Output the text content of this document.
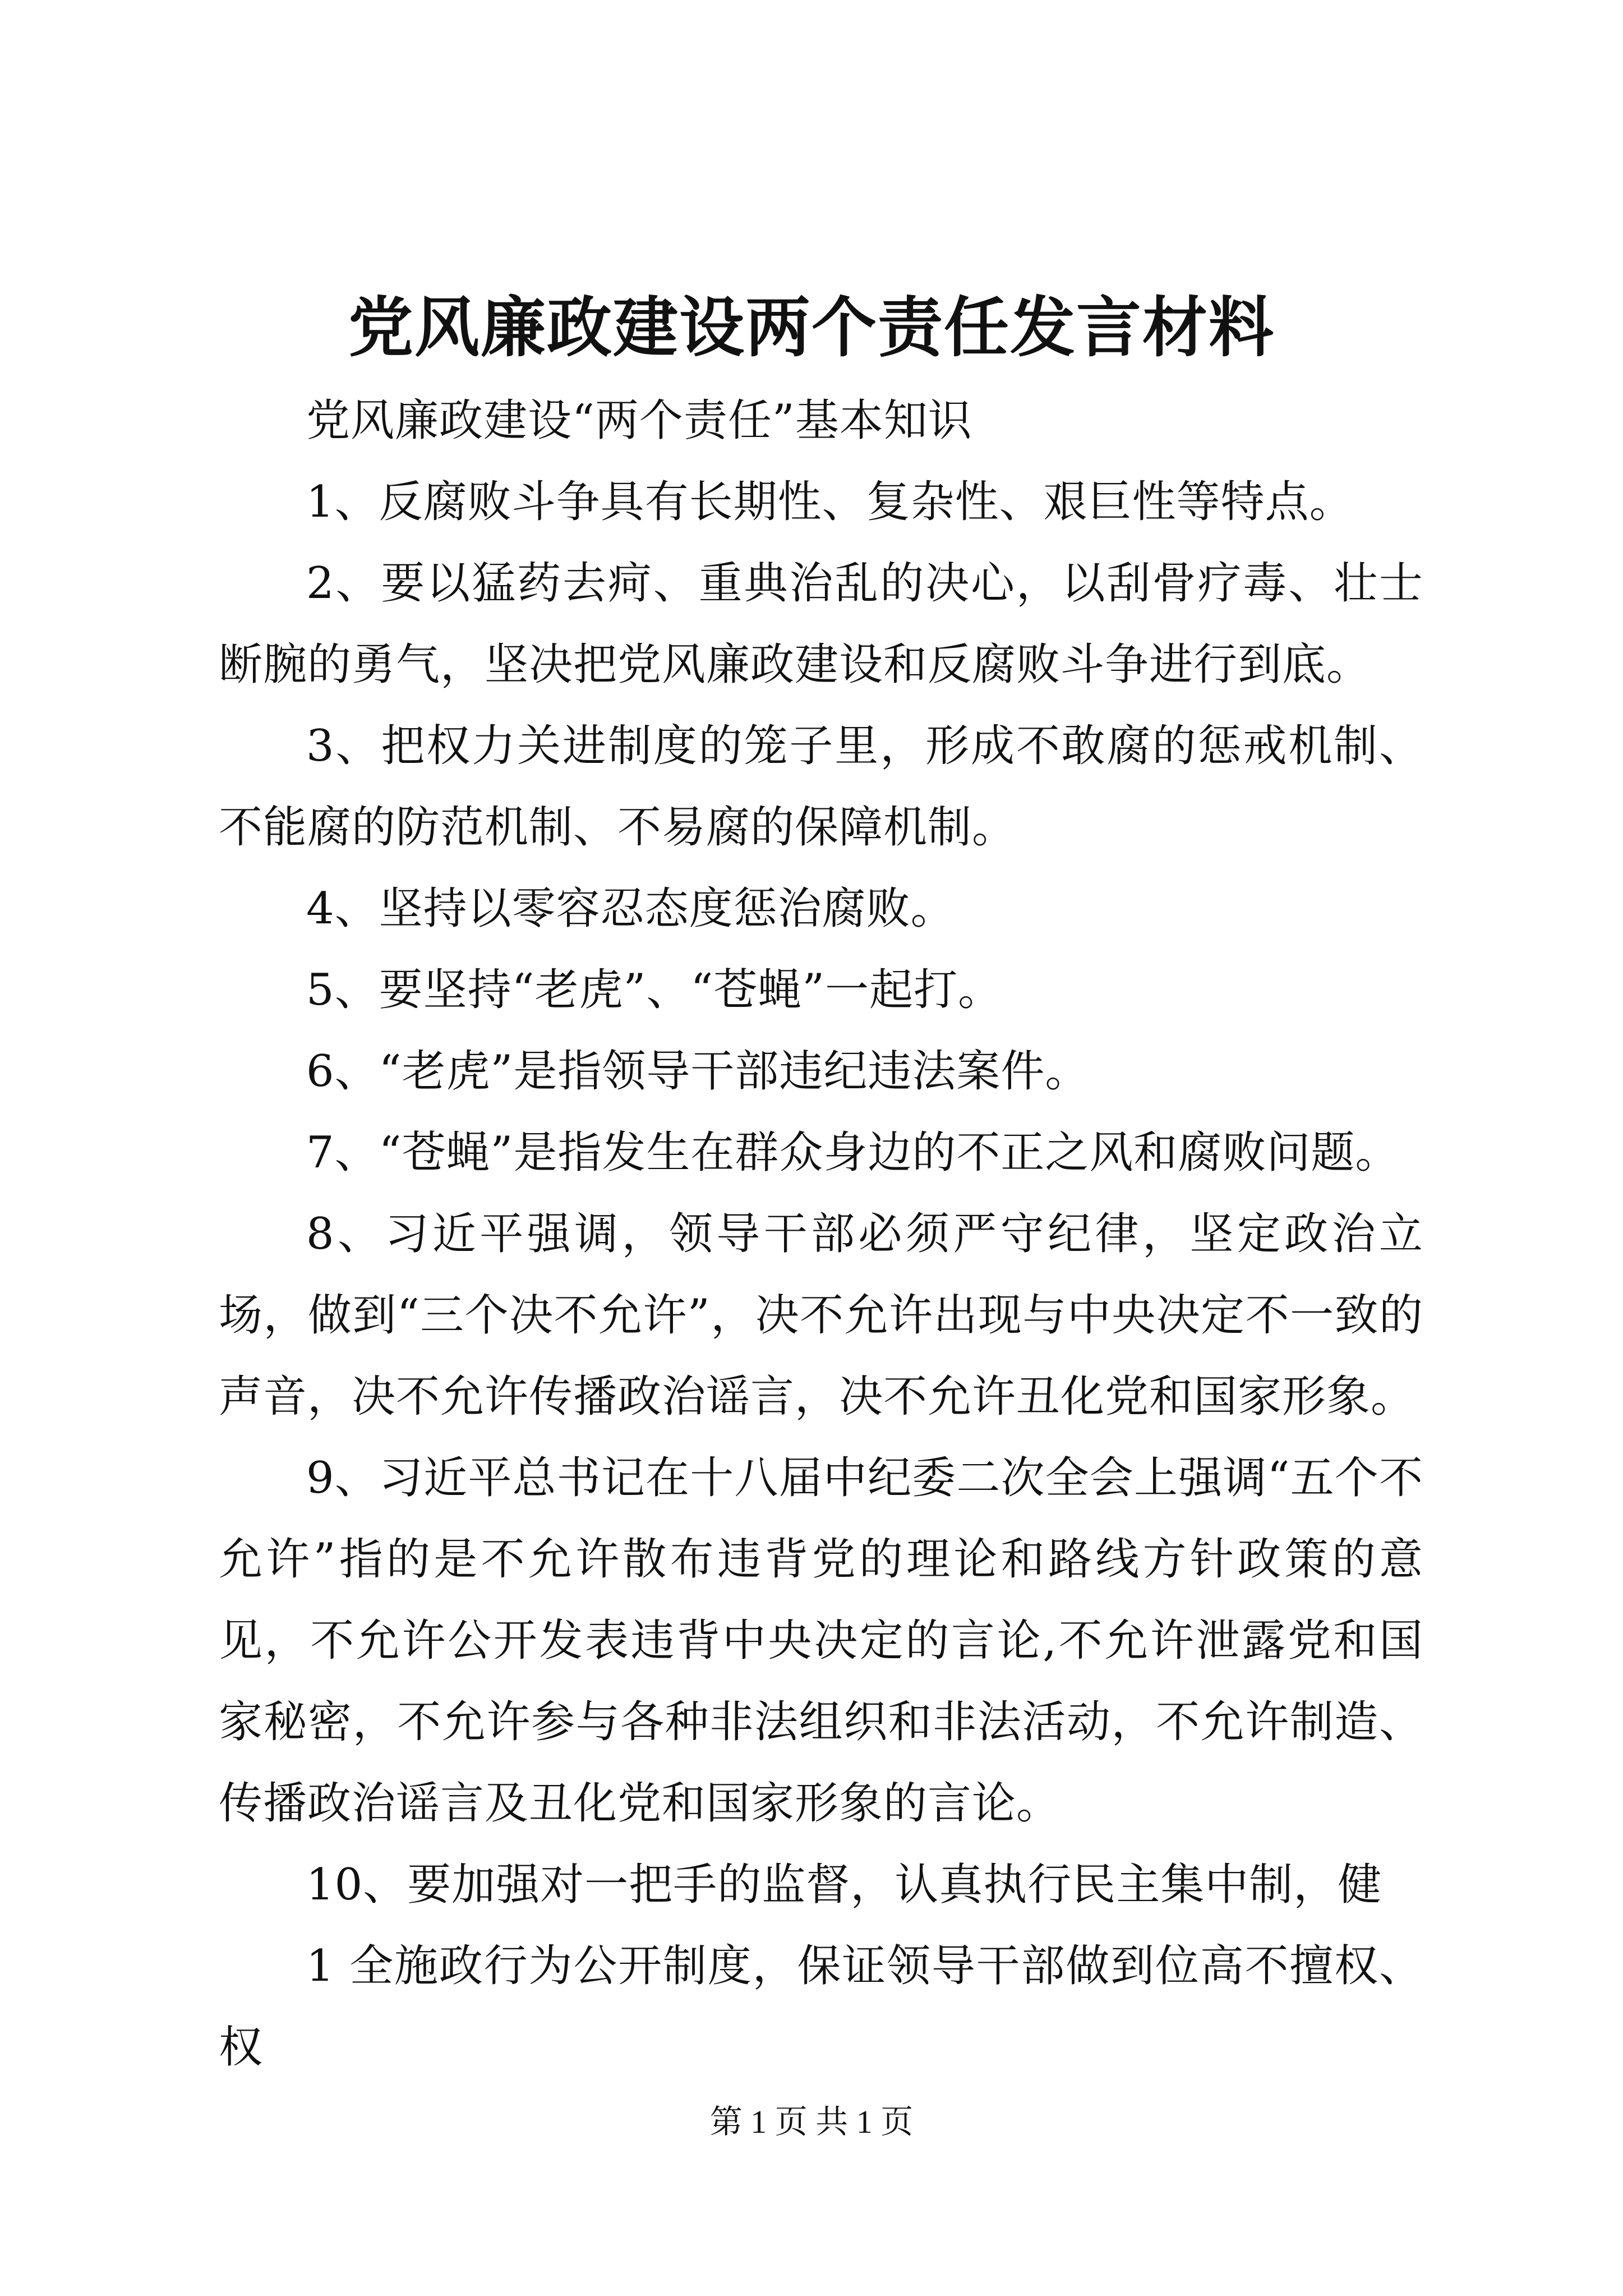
党风廉政建设两个责任发言材料

党风廉政建设“两个责任”基本知识

1、反腐败斗争具有长期性、复杂性、艰巨性等特点。

2、要以猛药去疴、重典治乱的决心，以刮骨疗毒、壮士断腕的勇气，坚决把党风廉政建设和反腐败斗争进行到底。

3、把权力关进制度的笼子里，形成不敢腐的惩戒机制、不能腐的防范机制、不易腐的保障机制。

4、坚持以零容忍态度惩治腐败。

5、要坚持“老虎”、“苍蝇”一起打。

6、“老虎”是指领导干部违纪违法案件。

7、“苍蝇”是指发生在群众身边的不正之风和腐败问题。

8、习近平强调，领导干部必须严守纪律，坚定政治立场，做到“三个决不允许”，决不允许出现与中央决定不一致的声音，决不允许传播政治谣言，决不允许丑化党和国家形象。

9、习近平总书记在十八届中纪委二次全会上强调“五个不允许”指的是不允许散布违背党的理论和路线方针政策的意见，不允许公开发表违背中央决定的言论,不允许泄露党和国家秘密，不允许参与各种非法组织和非法活动，不允许制造、传播政治谣言及丑化党和国家形象的言论。

10、要加强对一把手的监督，认真执行民主集中制，健

1 全施政行为公开制度，保证领导干部做到位高不擅权、权

第 1 页 共 1 页
